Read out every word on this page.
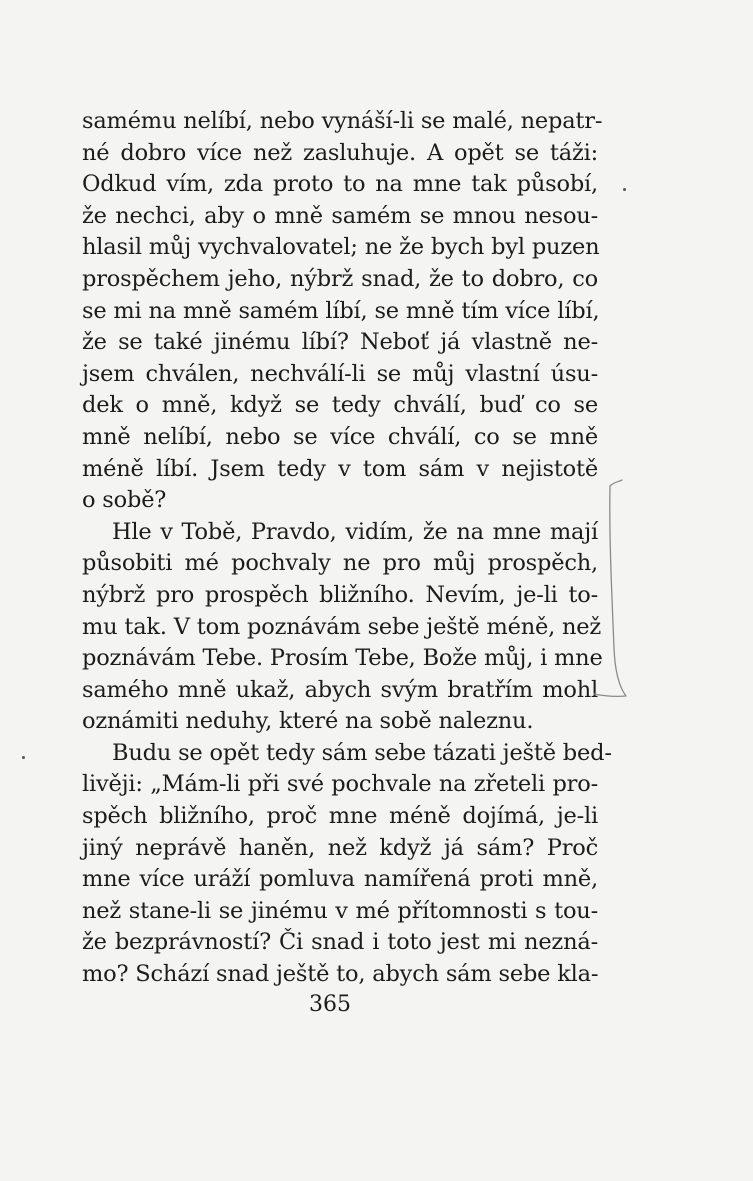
samému nelíbí, nebo vynáší-li se malé, nepatr-
né dobro více než zasluhuje. A opět se táži:
Odkud vím, zda proto to na mne tak působí,
že nechci, aby o mně samém se mnou nesou-
hlasil můj vychvalovatel; ne že bych byl puzen
prospěchem jeho, nýbrž snad, že to dobro, co
se mi na mně samém líbí, se mně tím více líbí,
že se také jinému líbí? Neboť já vlastně ne-
jsem chválen, nechválí-li se můj vlastní úsu-
dek o mně, když se tedy chválí, buď co se
mně nelíbí, nebo se více chválí, co se mně
méně líbí. Jsem tedy v tom sám v nejistotě
o sobě?
Hle v Tobě, Pravdo, vidím, že na mne mají
působiti mé pochvaly ne pro můj prospěch,
nýbrž pro prospěch bližního. Nevím, je-li to-
mu tak. V tom poznávám sebe ještě méně, než
poznávám Tebe. Prosím Tebe, Bože můj, i mne
samého mně ukaž, abych svým bratřím mohl
oznámiti neduhy, které na sobě naleznu.
Budu se opět tedy sám sebe tázati ještě bed-
livěji: „Mám-li při své pochvale na zřeteli pro-
spěch bližního, proč mne méně dojímá, je-li
jiný neprávě haněn, než když já sám? Proč
mne více uráží pomluva namířená proti mně,
než stane-li se jinému v mé přítomnosti s tou-
že bezprávností? Či snad i toto jest mi nezná-
mo? Schází snad ještě to, abych sám sebe kla-
365
